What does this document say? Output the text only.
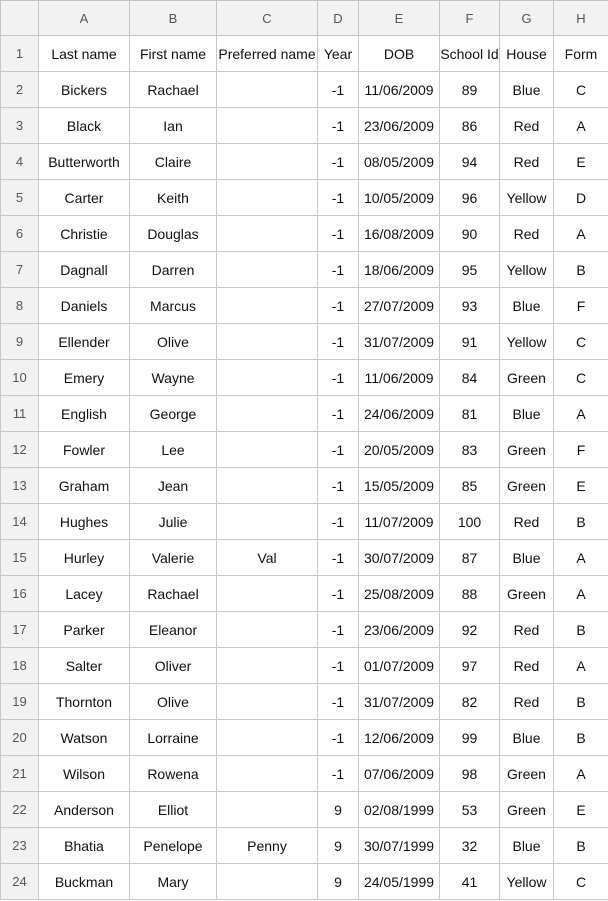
	A	B	C	D	E	F	G	H
1	Last name	First name	Preferred name	Year	DOB	School Id	House	Form
2	Bickers	Rachael		-1	11/06/2009	89	Blue	C
3	Black	Ian		-1	23/06/2009	86	Red	A
4	Butterworth	Claire		-1	08/05/2009	94	Red	E
5	Carter	Keith		-1	10/05/2009	96	Yellow	D
6	Christie	Douglas		-1	16/08/2009	90	Red	A
7	Dagnall	Darren		-1	18/06/2009	95	Yellow	B
8	Daniels	Marcus		-1	27/07/2009	93	Blue	F
9	Ellender	Olive		-1	31/07/2009	91	Yellow	C
10	Emery	Wayne		-1	11/06/2009	84	Green	C
11	English	George		-1	24/06/2009	81	Blue	A
12	Fowler	Lee		-1	20/05/2009	83	Green	F
13	Graham	Jean		-1	15/05/2009	85	Green	E
14	Hughes	Julie		-1	11/07/2009	100	Red	B
15	Hurley	Valerie	Val	-1	30/07/2009	87	Blue	A
16	Lacey	Rachael		-1	25/08/2009	88	Green	A
17	Parker	Eleanor		-1	23/06/2009	92	Red	B
18	Salter	Oliver		-1	01/07/2009	97	Red	A
19	Thornton	Olive		-1	31/07/2009	82	Red	B
20	Watson	Lorraine		-1	12/06/2009	99	Blue	B
21	Wilson	Rowena		-1	07/06/2009	98	Green	A
22	Anderson	Elliot		9	02/08/1999	53	Green	E
23	Bhatia	Penelope	Penny	9	30/07/1999	32	Blue	B
24	Buckman	Mary		9	24/05/1999	41	Yellow	C
